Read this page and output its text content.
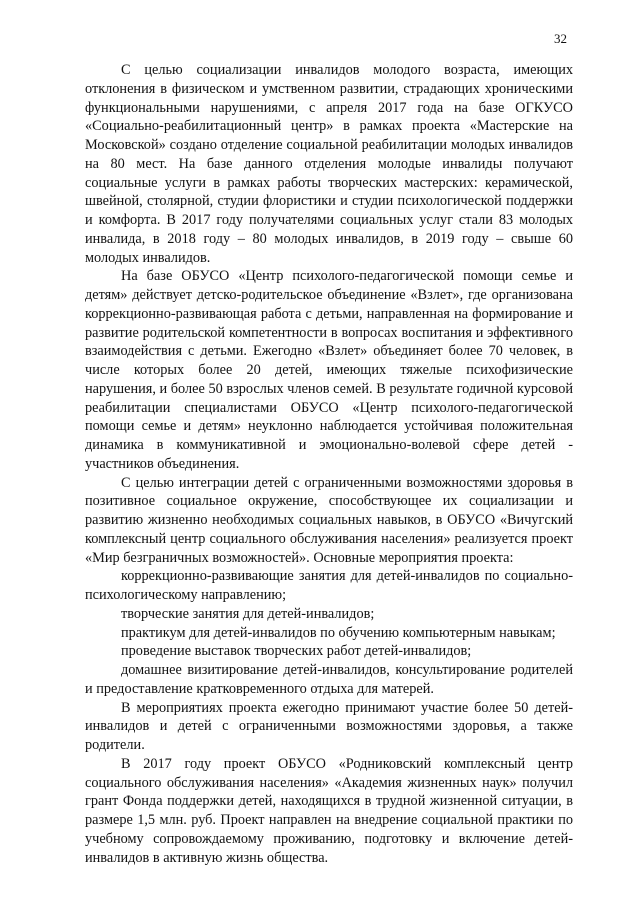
32

С целью социализации инвалидов молодого возраста, имеющих отклонения в физическом и умственном развитии, страдающих хроническими функциональными нарушениями, с апреля 2017 года на базе ОГКУСО «Социально-реабилитационный центр» в рамках проекта «Мастерские на Московской» создано отделение социальной реабилитации молодых инвалидов на 80 мест. На базе данного отделения молодые инвалиды получают социальные услуги в рамках работы творческих мастерских: керамической, швейной, столярной, студии флористики и студии психологической поддержки и комфорта. В 2017 году получателями социальных услуг стали 83 молодых инвалида, в 2018 году – 80 молодых инвалидов, в 2019 году – свыше 60 молодых инвалидов.

На базе ОБУСО «Центр психолого-педагогической помощи семье и детям» действует детско-родительское объединение «Взлет», где организована коррекционно-развивающая работа с детьми, направленная на формирование и развитие родительской компетентности в вопросах воспитания и эффективного взаимодействия с детьми. Ежегодно «Взлет» объединяет более 70 человек, в числе которых более 20 детей, имеющих тяжелые психофизические нарушения, и более 50 взрослых членов семей. В результате годичной курсовой реабилитации специалистами ОБУСО «Центр психолого-педагогической помощи семье и детям» неуклонно наблюдается устойчивая положительная динамика в коммуникативной и эмоционально-волевой сфере детей - участников объединения.

С целью интеграции детей с ограниченными возможностями здоровья в позитивное социальное окружение, способствующее их социализации и развитию жизненно необходимых социальных навыков, в ОБУСО «Вичугский комплексный центр социального обслуживания населения» реализуется проект «Мир безграничных возможностей». Основные мероприятия проекта:

коррекционно-развивающие занятия для детей-инвалидов по социально-психологическому направлению;

творческие занятия для детей-инвалидов;

практикум для детей-инвалидов по обучению компьютерным навыкам;

проведение выставок творческих работ детей-инвалидов;

домашнее визитирование детей-инвалидов, консультирование родителей и предоставление кратковременного отдыха для матерей.

В мероприятиях проекта ежегодно принимают участие более 50 детей-инвалидов и детей с ограниченными возможностями здоровья, а также родители.

В 2017 году проект ОБУСО «Родниковский комплексный центр социального обслуживания населения» «Академия жизненных наук» получил грант Фонда поддержки детей, находящихся в трудной жизненной ситуации, в размере 1,5 млн. руб. Проект направлен на внедрение социальной практики по учебному сопровождаемому проживанию, подготовку и включение детей-инвалидов в активную жизнь общества.
